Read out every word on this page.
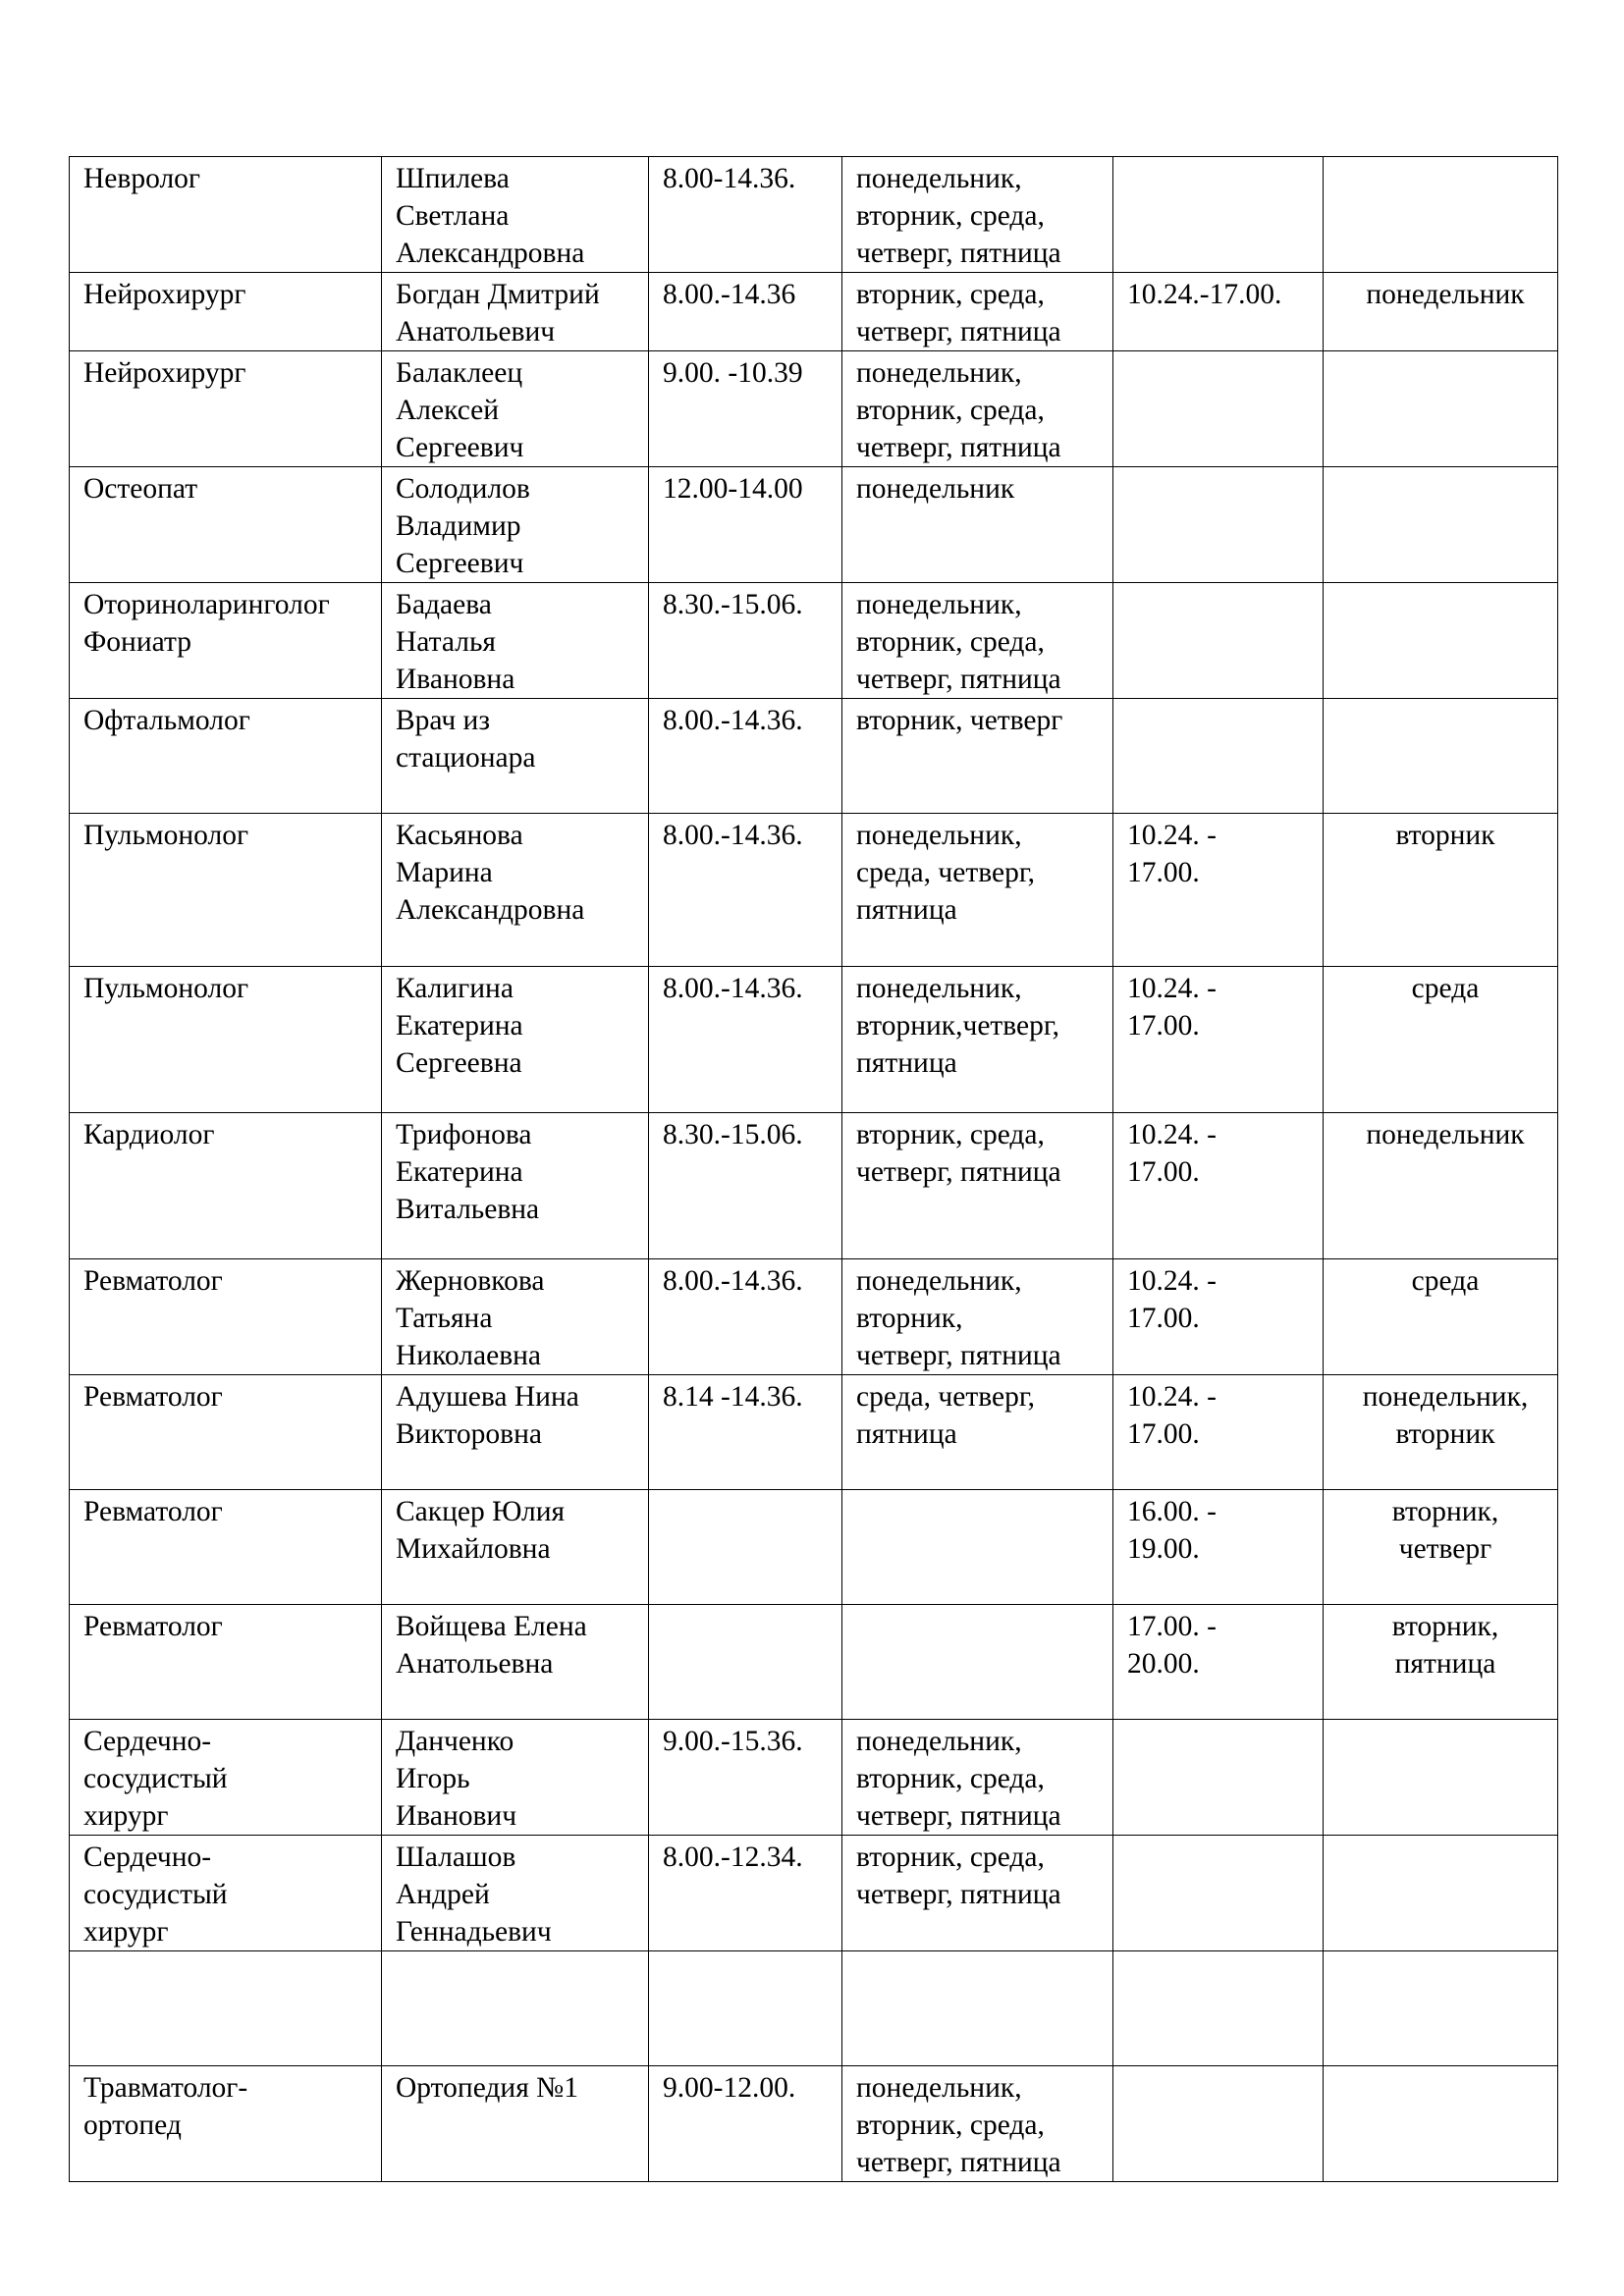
Невролог	Шпилева
Светлана
Александровна	8.00-14.36.	понедельник,
вторник, среда,
четверг, пятница		

Нейрохирург	Богдан Дмитрий
Анатольевич	8.00.-14.36	вторник, среда,
четверг, пятница	10.24.-17.00.	понедельник

Нейрохирург	Балаклеец
Алексей
Сергеевич	9.00. -10.39	понедельник,
вторник, среда,
четверг, пятница		

Остеопат	Солодилов
Владимир
Сергеевич	12.00-14.00	понедельник		

Оториноларинголог
Фониатр	Бадаева
Наталья
Ивановна	8.30.-15.06.	понедельник,
вторник, среда,
четверг, пятница		

Офтальмолог	Врач из
стационара	8.00.-14.36.	вторник, четверг		

Пульмонолог	Касьянова
Марина
Александровна	8.00.-14.36.	понедельник,
среда, четверг,
пятница	10.24. -
17.00.	вторник

Пульмонолог	Калигина
Екатерина
Сергеевна	8.00.-14.36.	понедельник,
вторник,четверг,
пятница	10.24. -
17.00.	среда

Кардиолог	Трифонова
Екатерина
Витальевна	8.30.-15.06.	вторник, среда,
четверг, пятница	10.24. -
17.00.	понедельник

Ревматолог	Жерновкова
Татьяна
Николаевна	8.00.-14.36.	понедельник,
вторник,
четверг, пятница	10.24. -
17.00.	среда

Ревматолог	Адушева Нина
Викторовна	8.14 -14.36.	среда, четверг,
пятница	10.24. -
17.00.	понедельник,
вторник

Ревматолог	Сакцер Юлия
Михайловна			16.00. -
19.00.	вторник,
четверг

Ревматолог	Войщева Елена
Анатольевна			17.00. -
20.00.	вторник,
пятница

Сердечно-
сосудистый
хирург	Данченко
Игорь
Иванович	9.00.-15.36.	понедельник,
вторник, среда,
четверг, пятница		

Сердечно-
сосудистый
хирург	Шалашов
Андрей
Геннадьевич	8.00.-12.34.	вторник, среда,
четверг, пятница		

Травматолог-
ортопед	Ортопедия №1	9.00-12.00.	понедельник,
вторник, среда,
четверг, пятница		
